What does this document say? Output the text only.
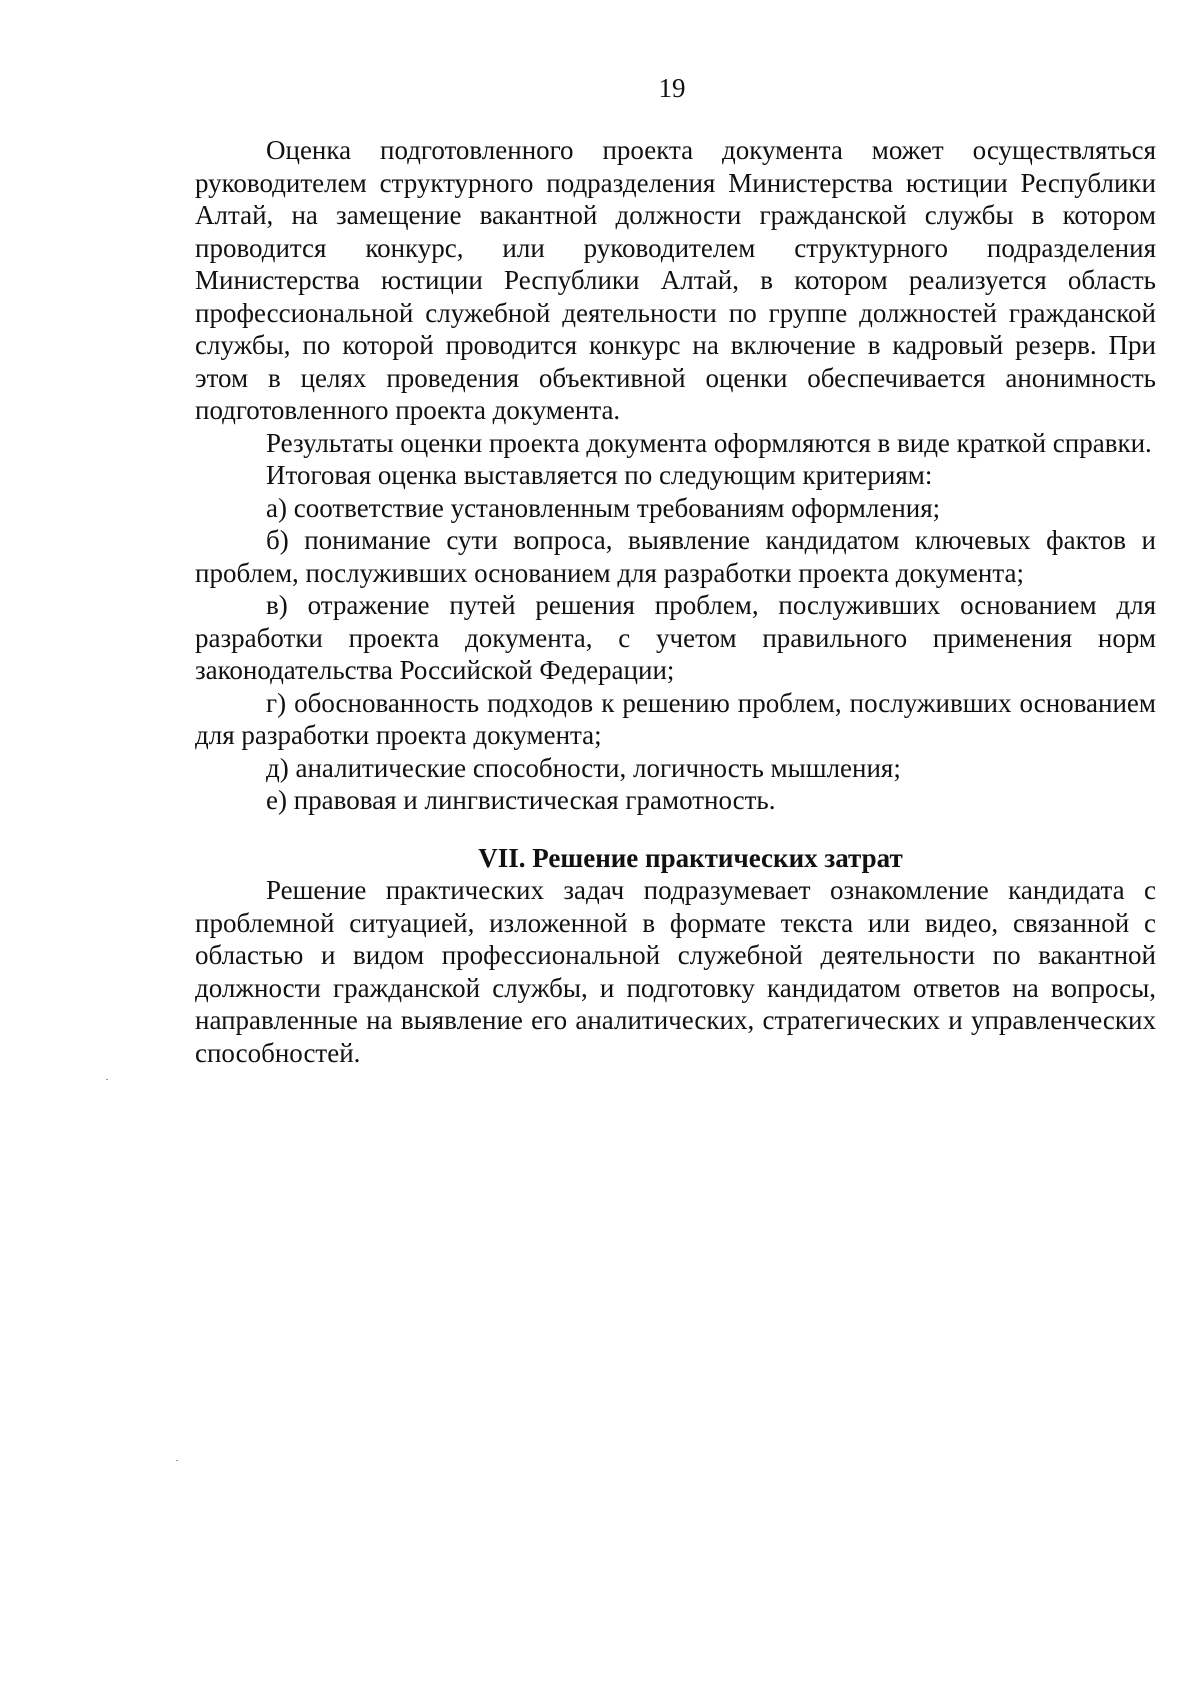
19

Оценка подготовленного проекта документа может осуществляться руководителем структурного подразделения Министерства юстиции Республики Алтай, на замещение вакантной должности гражданской службы в котором проводится конкурс, или руководителем структурного подразделения Министерства юстиции Республики Алтай, в котором реализуется область профессиональной служебной деятельности по группе должностей гражданской службы, по которой проводится конкурс на включение в кадровый резерв. При этом в целях проведения объективной оценки обеспечивается анонимность подготовленного проекта документа.

Результаты оценки проекта документа оформляются в виде краткой справки.

Итоговая оценка выставляется по следующим критериям:

а) соответствие установленным требованиям оформления;

б) понимание сути вопроса, выявление кандидатом ключевых фактов и проблем, послуживших основанием для разработки проекта документа;

в) отражение путей решения проблем, послуживших основанием для разработки проекта документа, с учетом правильного применения норм законодательства Российской Федерации;

г) обоснованность подходов к решению проблем, послуживших основанием для разработки проекта документа;

д) аналитические способности, логичность мышления;

е) правовая и лингвистическая грамотность.

VII. Решение практических затрат

Решение практических задач подразумевает ознакомление кандидата с проблемной ситуацией, изложенной в формате текста или видео, связанной с областью и видом профессиональной служебной деятельности по вакантной должности гражданской службы, и подготовку кандидатом ответов на вопросы, направленные на выявление его аналитических, стратегических и управленческих способностей.
